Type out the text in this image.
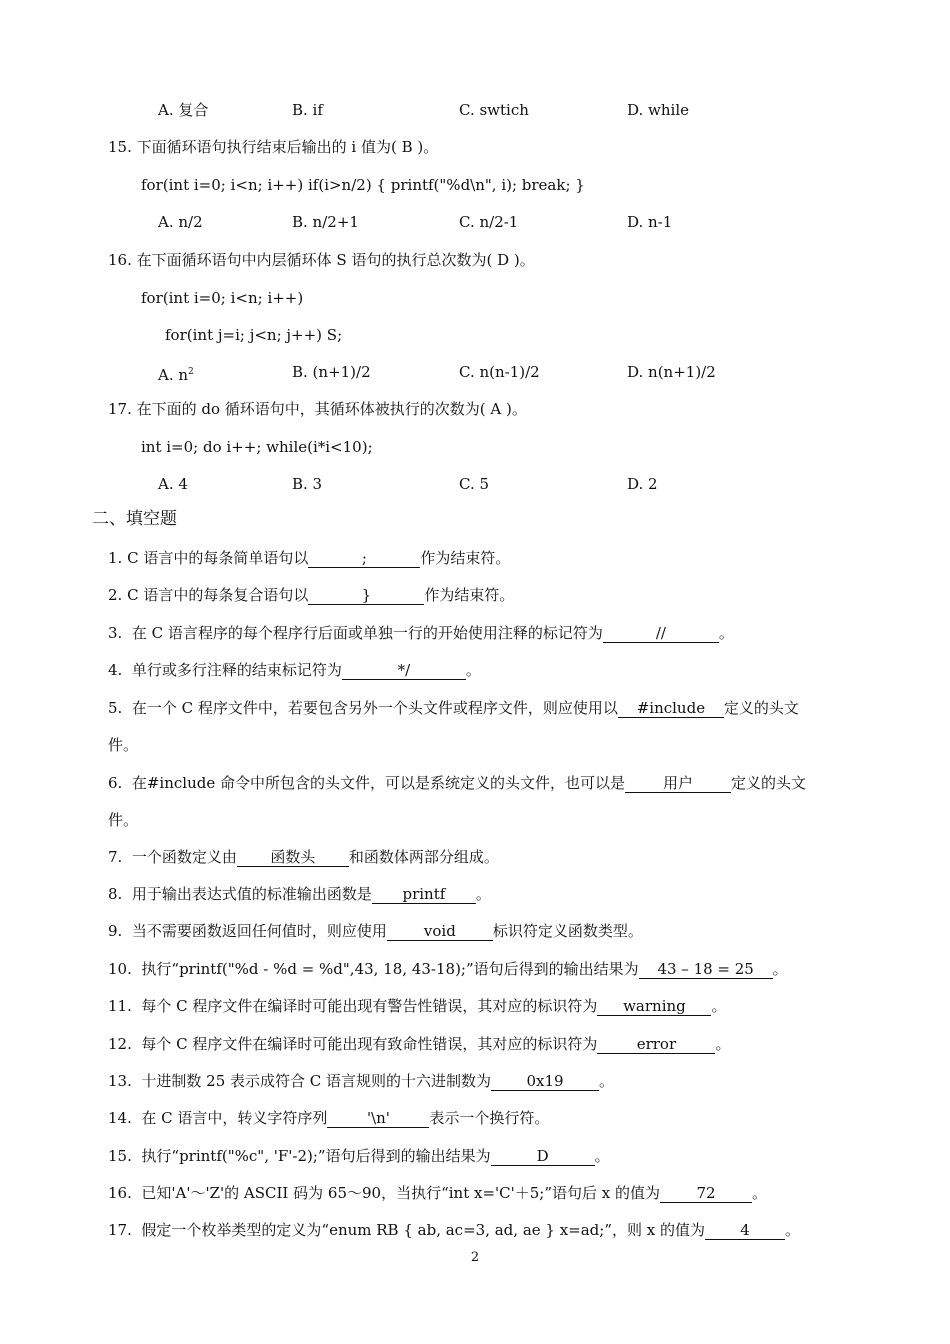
A. 复合	B. if	C. swtich	D. while
15. 下面循环语句执行结束后输出的 i 值为( B )。
for(int i=0; i<n; i++) if(i>n/2) { printf("%d\n", i); break; }
A. n/2	B. n/2+1	C. n/2-1	D. n-1
16. 在下面循环语句中内层循环体 S 语句的执行总次数为( D )。
for(int i=0; i<n; i++)
for(int j=i; j<n; j++) S;
A. $n^2$	B. (n+1)/2	C. n(n-1)/2	D. n(n+1)/2
17. 在下面的 do 循环语句中，其循环体被执行的次数为( A )。
int i=0; do i++; while(i*i<10);
A. 4	B. 3	C. 5	D. 2
二、填空题
1. C 语言中的每条简单语句以	;	作为结束符。
2. C 语言中的每条复合语句以	}	作为结束符。
3. 在 C 语言程序的每个程序行后面或单独一行的开始使用注释的标记符为	//	。
4. 单行或多行注释的结束标记符为	*/	。
5. 在一个 C 程序文件中，若要包含另外一个头文件或程序文件，则应使用以 #include 定义的头文
件。
6. 在#include 命令中所包含的头文件，可以是系统定义的头文件，也可以是	用户	定义的头文
件。
7. 一个函数定义由 函数头 和函数体两部分组成。
8. 用于输出表达式值的标准输出函数是 printf 。
9. 当不需要函数返回任何值时，则应使用 void 标识符定义函数类型。
10. 执行“printf("%d - %d = %d",43, 18, 43-18);”语句后得到的输出结果为 43 – 18 = 25 。
11. 每个 C 程序文件在编译时可能出现有警告性错误，其对应的标识符为 warning 。
12. 每个 C 程序文件在编译时可能出现有致命性错误，其对应的标识符为	error	。
13. 十进制数 25 表示成符合 C 语言规则的十六进制数为 0x19 。
14. 在 C 语言中，转义字符序列	'\n'	表示一个换行符。
15. 执行“printf("%c", 'F'-2);”语句后得到的输出结果为	D	。
16. 已知'A'～'Z'的 ASCII 码为 65～90，当执行“int x='C'＋5;”语句后 x 的值为 72 。
17. 假定一个枚举类型的定义为“enum RB { ab, ac=3, ad, ae } x=ad;”，则 x 的值为 4 。
2
